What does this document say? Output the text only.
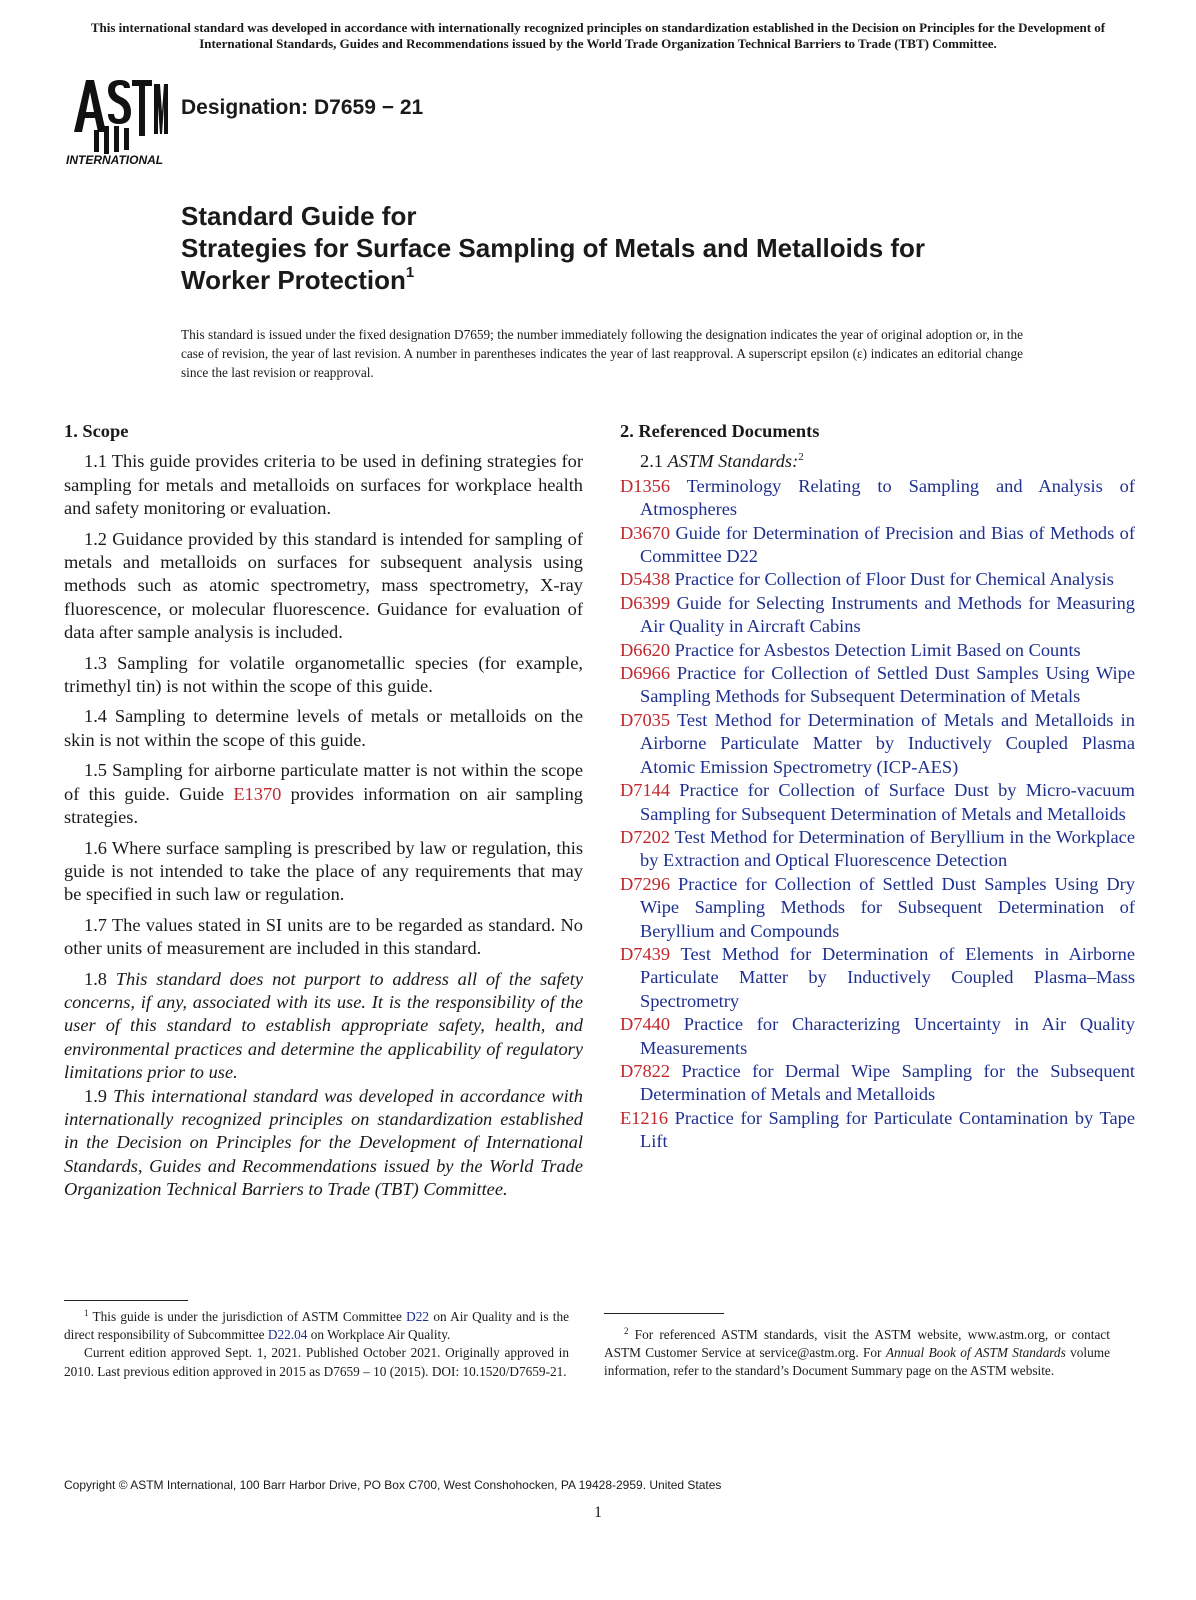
This international standard was developed in accordance with internationally recognized principles on standardization established in the Decision on Principles for the Development of International Standards, Guides and Recommendations issued by the World Trade Organization Technical Barriers to Trade (TBT) Committee.
INTERNATIONAL
Designation: D7659 − 21
Standard Guide for
Strategies for Surface Sampling of Metals and Metalloids for
Worker Protection$^1$
This standard is issued under the fixed designation D7659; the number immediately following the designation indicates the year of original adoption or, in the case of revision, the year of last revision. A number in parentheses indicates the year of last reapproval. A superscript epsilon (ε) indicates an editorial change since the last revision or reapproval.
1. Scope

1.1 This guide provides criteria to be used in defining strategies for sampling for metals and metalloids on surfaces for workplace health and safety monitoring or evaluation.

1.2 Guidance provided by this standard is intended for sampling of metals and metalloids on surfaces for subsequent analysis using methods such as atomic spectrometry, mass spectrometry, X-ray fluorescence, or molecular fluorescence. Guidance for evaluation of data after sample analysis is included.

1.3 Sampling for volatile organometallic species (for example, trimethyl tin) is not within the scope of this guide.

1.4 Sampling to determine levels of metals or metalloids on the skin is not within the scope of this guide.

1.5 Sampling for airborne particulate matter is not within the scope of this guide. Guide E1370 provides information on air sampling strategies.

1.6 Where surface sampling is prescribed by law or regulation, this guide is not intended to take the place of any requirements that may be specified in such law or regulation.

1.7 The values stated in SI units are to be regarded as standard. No other units of measurement are included in this standard.

1.8 This standard does not purport to address all of the safety concerns, if any, associated with its use. It is the responsibility of the user of this standard to establish appropriate safety, health, and environmental practices and determine the applicability of regulatory limitations prior to use.

1.9 This international standard was developed in accordance with internationally recognized principles on standardization established in the Decision on Principles for the Development of International Standards, Guides and Recommendations issued by the World Trade Organization Technical Barriers to Trade (TBT) Committee.

2. Referenced Documents
2.1 ASTM Standards:$^2$

D1356 Terminology Relating to Sampling and Analysis of Atmospheres

D3670 Guide for Determination of Precision and Bias of Methods of Committee D22

D5438 Practice for Collection of Floor Dust for Chemical Analysis

D6399 Guide for Selecting Instruments and Methods for Measuring Air Quality in Aircraft Cabins

D6620 Practice for Asbestos Detection Limit Based on Counts

D6966 Practice for Collection of Settled Dust Samples Using Wipe Sampling Methods for Subsequent Determination of Metals

D7035 Test Method for Determination of Metals and Metalloids in Airborne Particulate Matter by Inductively Coupled Plasma Atomic Emission Spectrometry (ICP-AES)

D7144 Practice for Collection of Surface Dust by Micro-vacuum Sampling for Subsequent Determination of Metals and Metalloids

D7202 Test Method for Determination of Beryllium in the Workplace by Extraction and Optical Fluorescence Detection

D7296 Practice for Collection of Settled Dust Samples Using Dry Wipe Sampling Methods for Subsequent Determination of Beryllium and Compounds

D7439 Test Method for Determination of Elements in Airborne Particulate Matter by Inductively Coupled Plasma–Mass Spectrometry

D7440 Practice for Characterizing Uncertainty in Air Quality Measurements

D7822 Practice for Dermal Wipe Sampling for the Subsequent Determination of Metals and Metalloids

E1216 Practice for Sampling for Particulate Contamination by Tape Lift

$^1$ This guide is under the jurisdiction of ASTM Committee D22 on Air Quality and is the direct responsibility of Subcommittee D22.04 on Workplace Air Quality.
Current edition approved Sept. 1, 2021. Published October 2021. Originally approved in 2010. Last previous edition approved in 2015 as D7659 – 10 (2015). DOI: 10.1520/D7659-21.
$^2$ For referenced ASTM standards, visit the ASTM website, www.astm.org, or contact ASTM Customer Service at service@astm.org. For Annual Book of ASTM Standards volume information, refer to the standard’s Document Summary page on the ASTM website.
Copyright © ASTM International, 100 Barr Harbor Drive, PO Box C700, West Conshohocken, PA 19428-2959. United States
1
